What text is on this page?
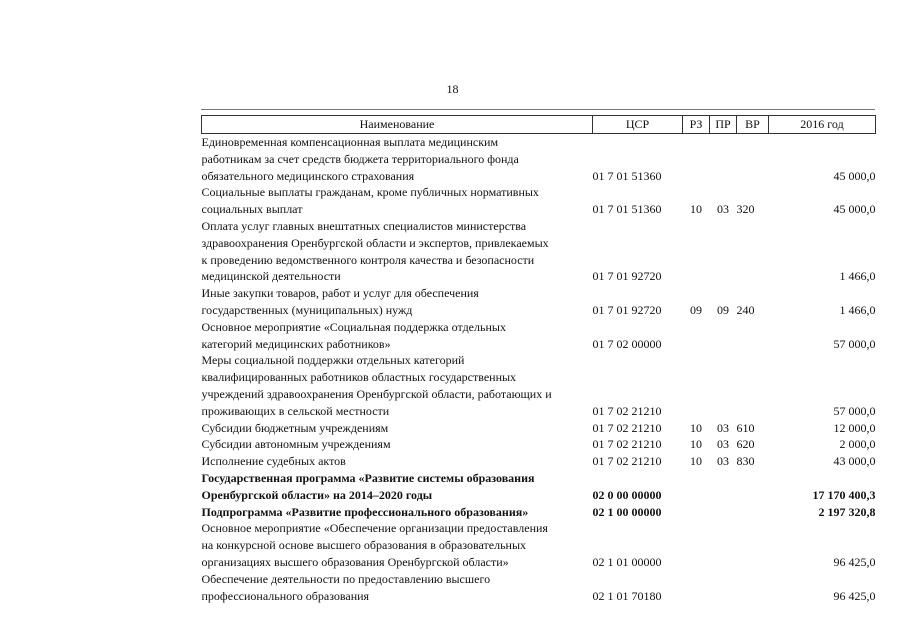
18
Наименование	ЦСР	РЗ	ПР	ВР	2016 год

Единовременная компенсационная выплата медицинским
работникам за счет средств бюджета территориального фонда
обязательного медицинского страхования	01 7 01 51360				45 000,0

Социальные выплаты гражданам, кроме публичных нормативных
социальных выплат	01 7 01 51360	10	03	320	45 000,0

Оплата услуг главных внештатных специалистов министерства
здравоохранения Оренбургской области и экспертов, привлекаемых
к проведению ведомственного контроля качества и безопасности
медицинской деятельности	01 7 01 92720				1 466,0

Иные закупки товаров, работ и услуг для обеспечения
государственных (муниципальных) нужд	01 7 01 92720	09	09	240	1 466,0

Основное мероприятие «Социальная поддержка отдельных
категорий медицинских работников»	01 7 02 00000				57 000,0

Меры социальной поддержки отдельных категорий
квалифицированных работников областных государственных
учреждений здравоохранения Оренбургской области, работающих и
проживающих в сельской местности	01 7 02 21210				57 000,0

Субсидии бюджетным учреждениям	01 7 02 21210	10	03	610	12 000,0

Субсидии автономным учреждениям	01 7 02 21210	10	03	620	2 000,0

Исполнение судебных актов	01 7 02 21210	10	03	830	43 000,0

Государственная программа «Развитие системы образования
Оренбургской области» на 2014–2020 годы	02 0 00 00000				17 170 400,3

Подпрограмма «Развитие профессионального образования»	02 1 00 00000				2 197 320,8

Основное мероприятие «Обеспечение организации предоставления
на конкурсной основе высшего образования в образовательных
организациях высшего образования Оренбургской области»	02 1 01 00000				96 425,0

Обеспечение деятельности по предоставлению высшего
профессионального образования	02 1 01 70180				96 425,0
